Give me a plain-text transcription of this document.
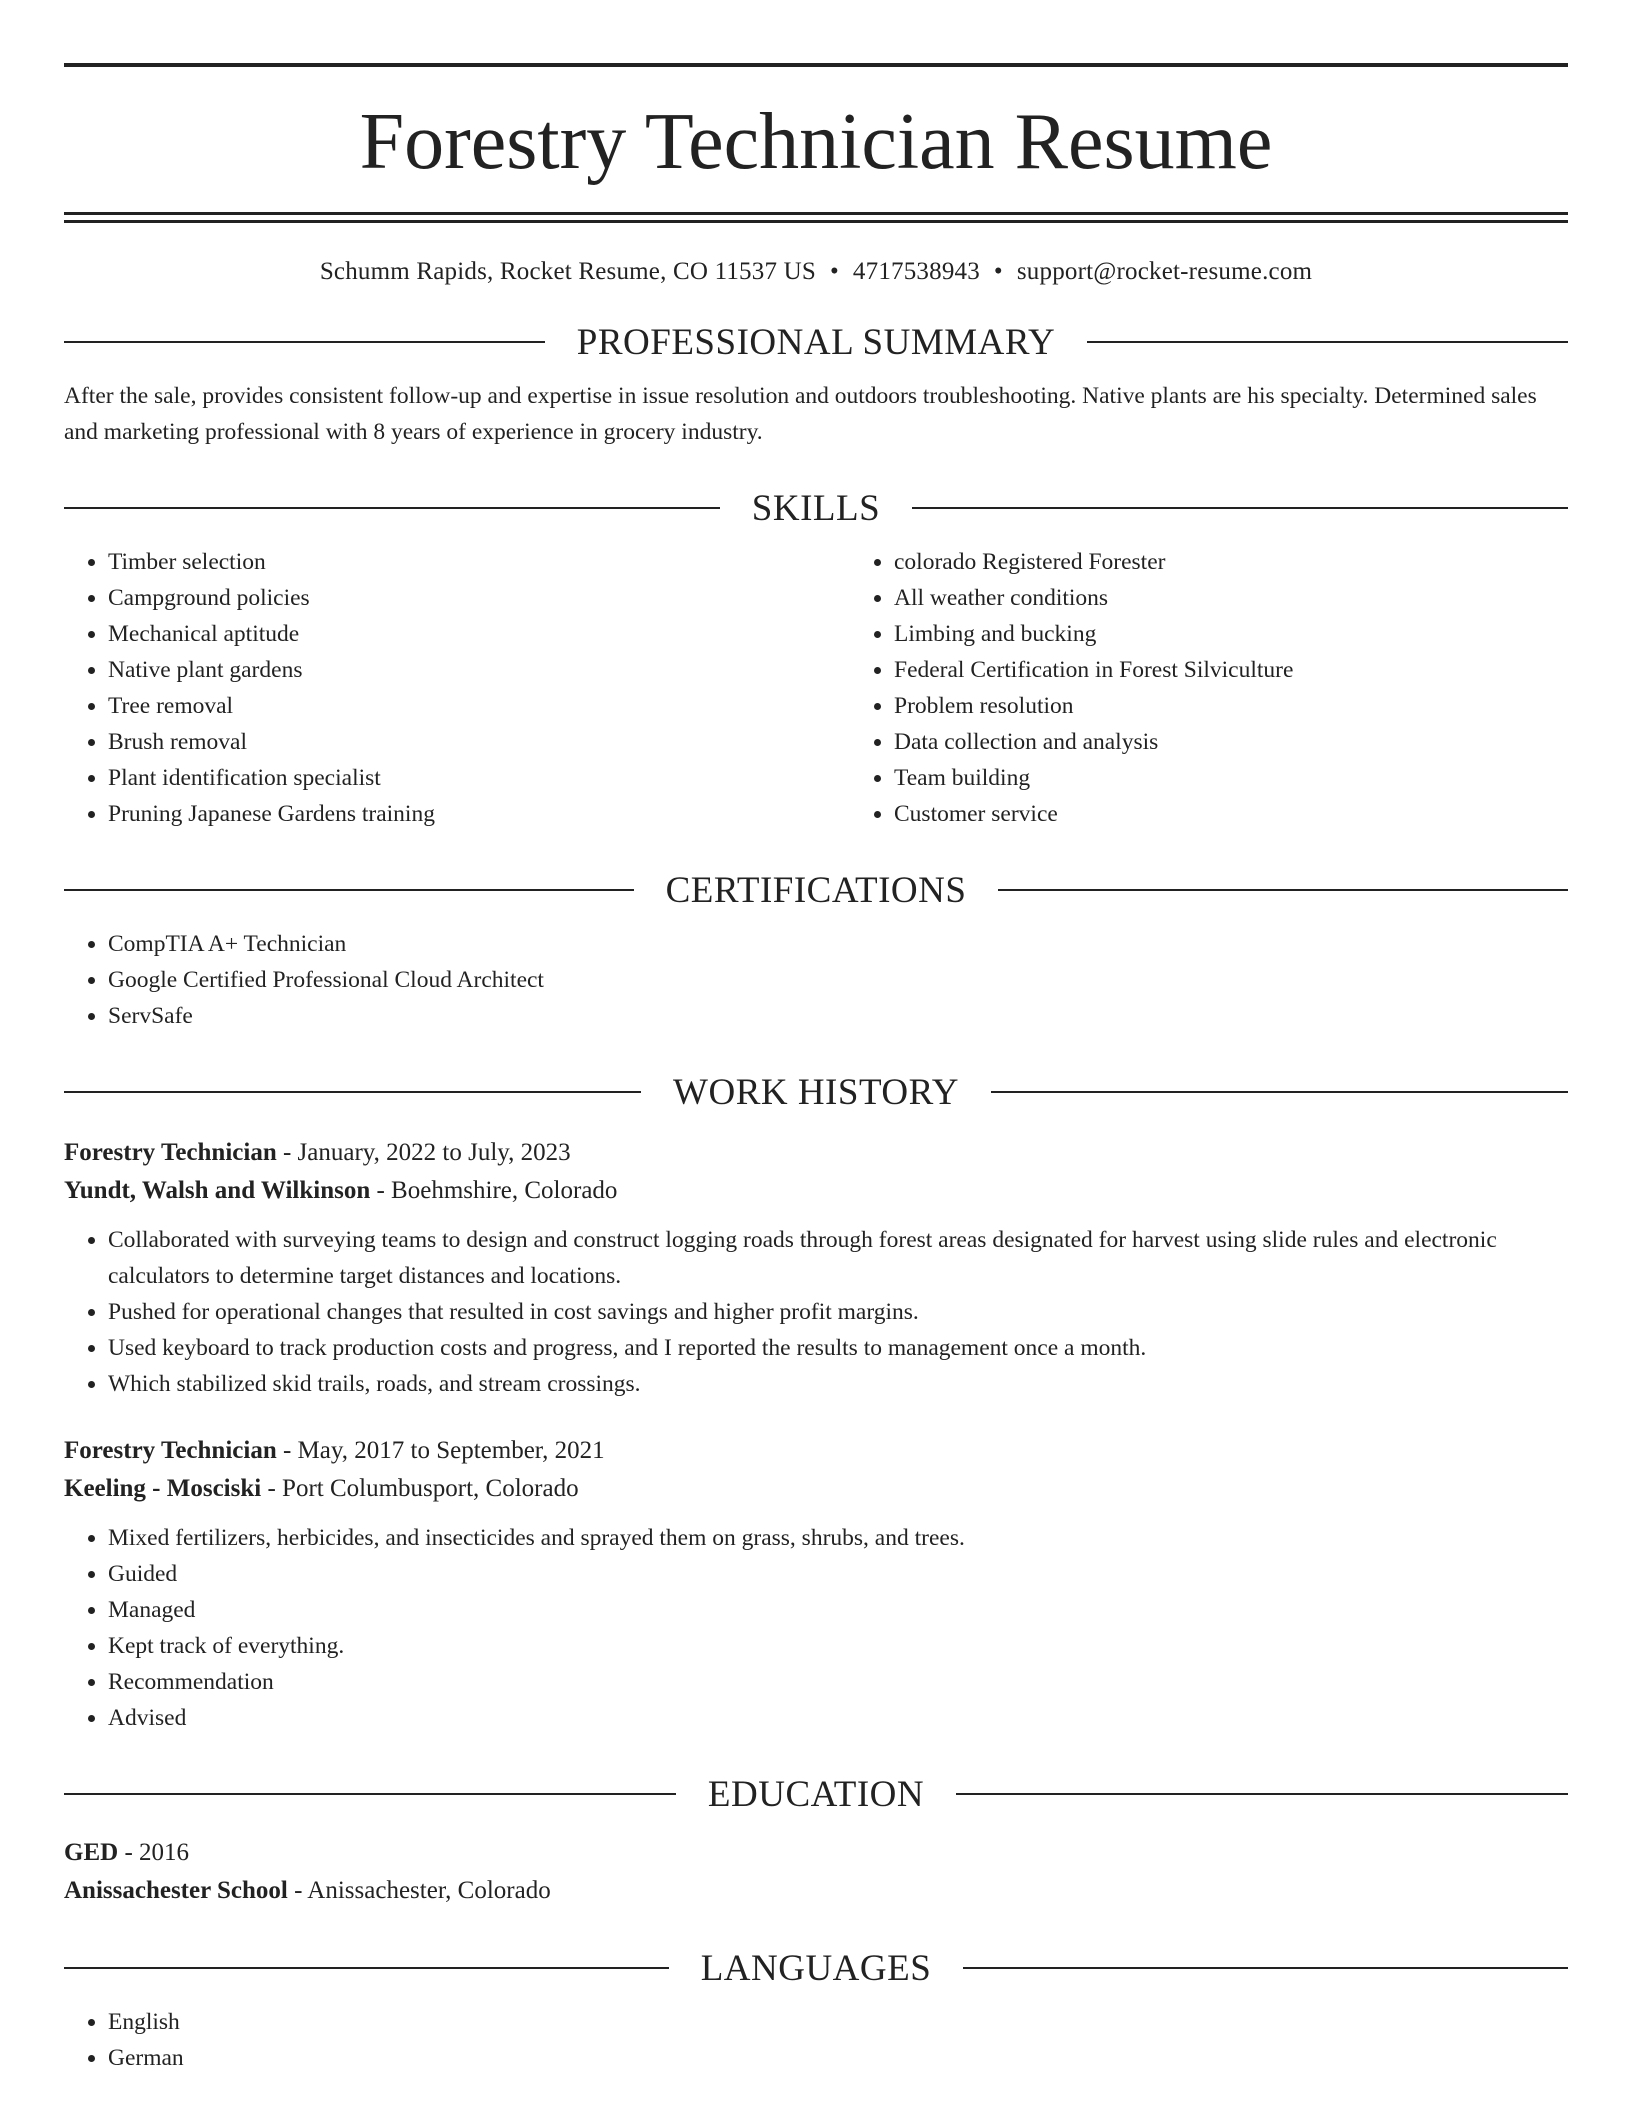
Forestry Technician Resume
Schumm Rapids, Rocket Resume, CO 11537 US • 4717538943 • support@rocket-resume.com
PROFESSIONAL SUMMARY
After the sale, provides consistent follow-up and expertise in issue resolution and outdoors troubleshooting. Native plants are his specialty. Determined sales and marketing professional with 8 years of experience in grocery industry.
SKILLS
• Timber selection
• Campground policies
• Mechanical aptitude
• Native plant gardens
• Tree removal
• Brush removal
• Plant identification specialist
• Pruning Japanese Gardens training
• colorado Registered Forester
• All weather conditions
• Limbing and bucking
• Federal Certification in Forest Silviculture
• Problem resolution
• Data collection and analysis
• Team building
• Customer service
CERTIFICATIONS
• CompTIA A+ Technician
• Google Certified Professional Cloud Architect
• ServSafe
WORK HISTORY
Forestry Technician - January, 2022 to July, 2023
Yundt, Walsh and Wilkinson - Boehmshire, Colorado
• Collaborated with surveying teams to design and construct logging roads through forest areas designated for harvest using slide rules and electronic calculators to determine target distances and locations.
• Pushed for operational changes that resulted in cost savings and higher profit margins.
• Used keyboard to track production costs and progress, and I reported the results to management once a month.
• Which stabilized skid trails, roads, and stream crossings.
Forestry Technician - May, 2017 to September, 2021
Keeling - Mosciski - Port Columbusport, Colorado
• Mixed fertilizers, herbicides, and insecticides and sprayed them on grass, shrubs, and trees.
• Guided
• Managed
• Kept track of everything.
• Recommendation
• Advised
EDUCATION
GED - 2016
Anissachester School - Anissachester, Colorado
LANGUAGES
• English
• German
